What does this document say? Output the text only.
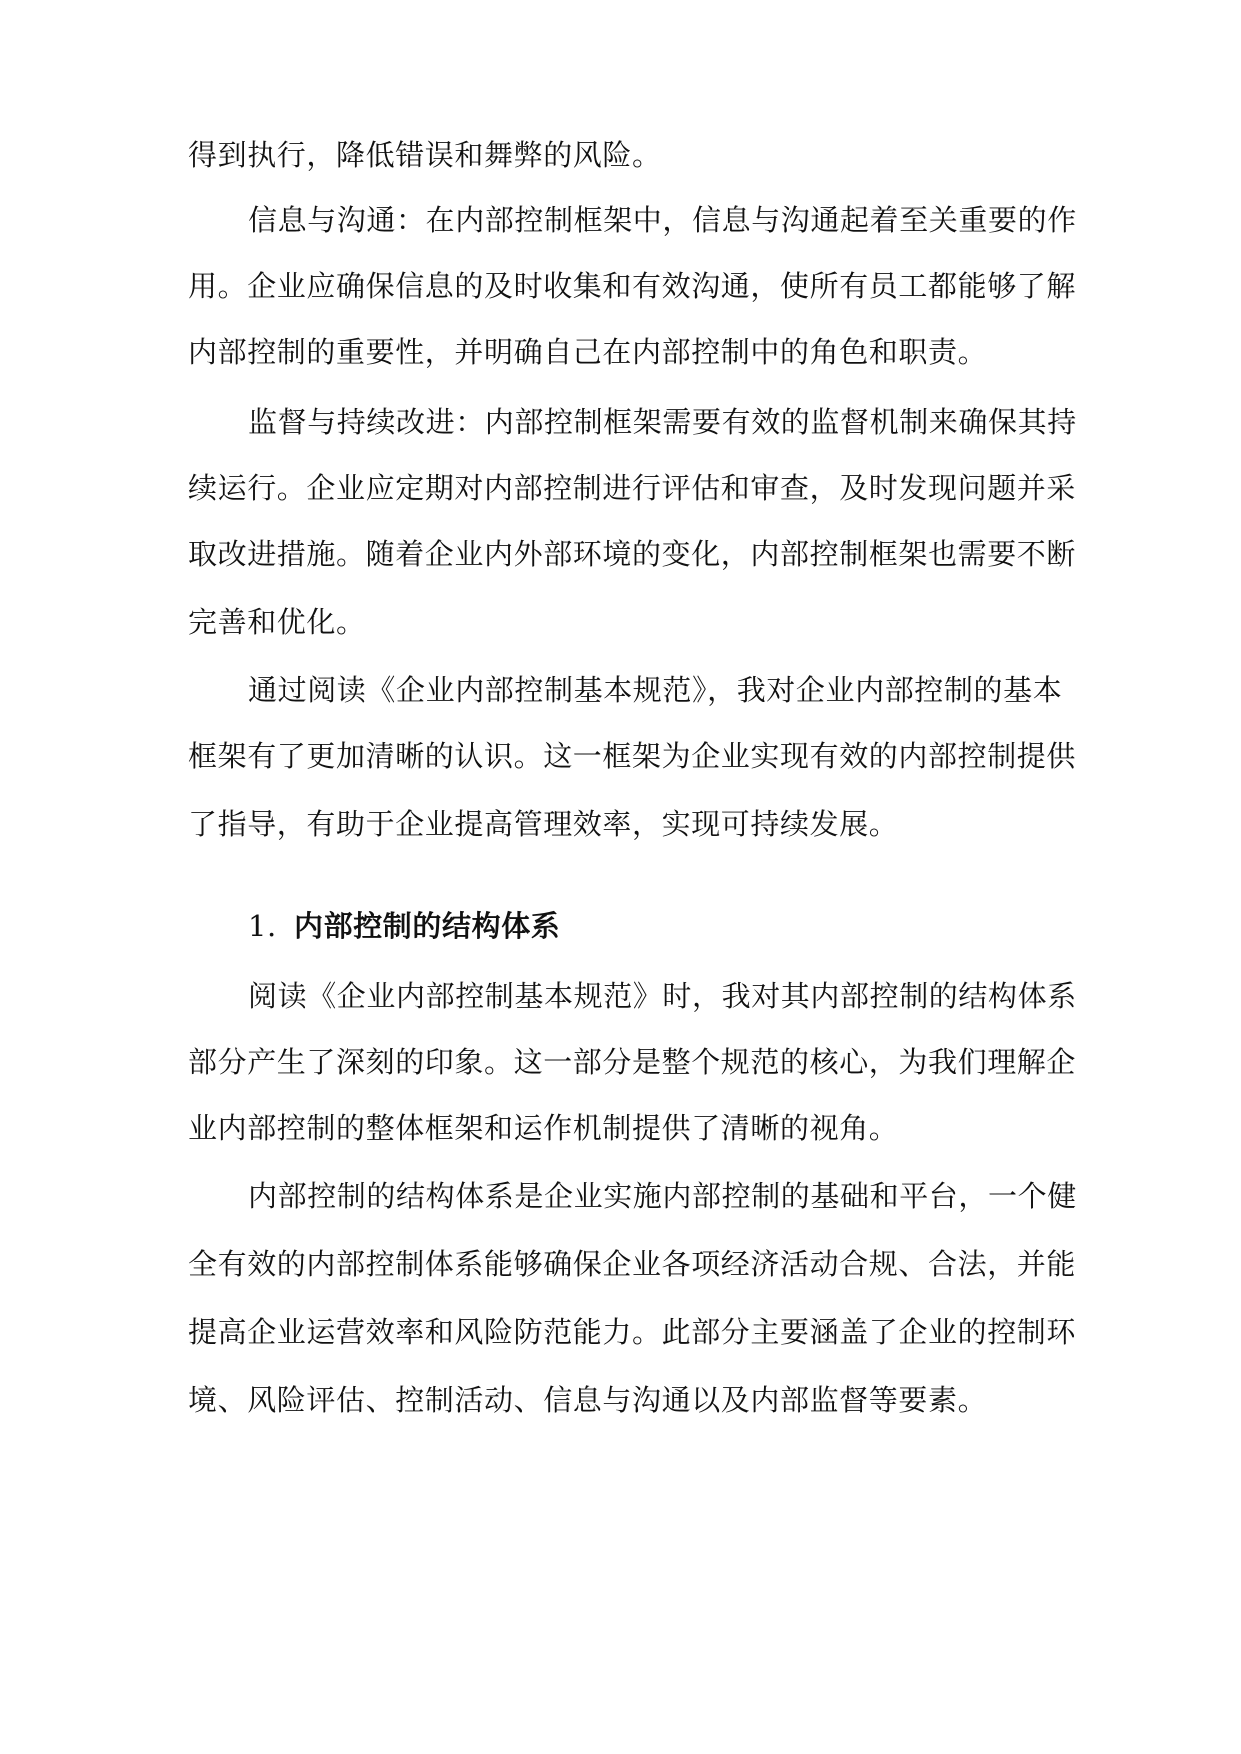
得到执行，降低错误和舞弊的风险。
信息与沟通：在内部控制框架中，信息与沟通起着至关重要的作
用。企业应确保信息的及时收集和有效沟通，使所有员工都能够了解
内部控制的重要性，并明确自己在内部控制中的角色和职责。
监督与持续改进：内部控制框架需要有效的监督机制来确保其持
续运行。企业应定期对内部控制进行评估和审查，及时发现问题并采
取改进措施。随着企业内外部环境的变化，内部控制框架也需要不断
完善和优化。
通过阅读《企业内部控制基本规范》，我对企业内部控制的基本
框架有了更加清晰的认识。这一框架为企业实现有效的内部控制提供
了指导，有助于企业提高管理效率，实现可持续发展。
1. 内部控制的结构体系
阅读《企业内部控制基本规范》时，我对其内部控制的结构体系
部分产生了深刻的印象。这一部分是整个规范的核心，为我们理解企
业内部控制的整体框架和运作机制提供了清晰的视角。
内部控制的结构体系是企业实施内部控制的基础和平台，一个健
全有效的内部控制体系能够确保企业各项经济活动合规、合法，并能
提高企业运营效率和风险防范能力。此部分主要涵盖了企业的控制环
境、风险评估、控制活动、信息与沟通以及内部监督等要素。
